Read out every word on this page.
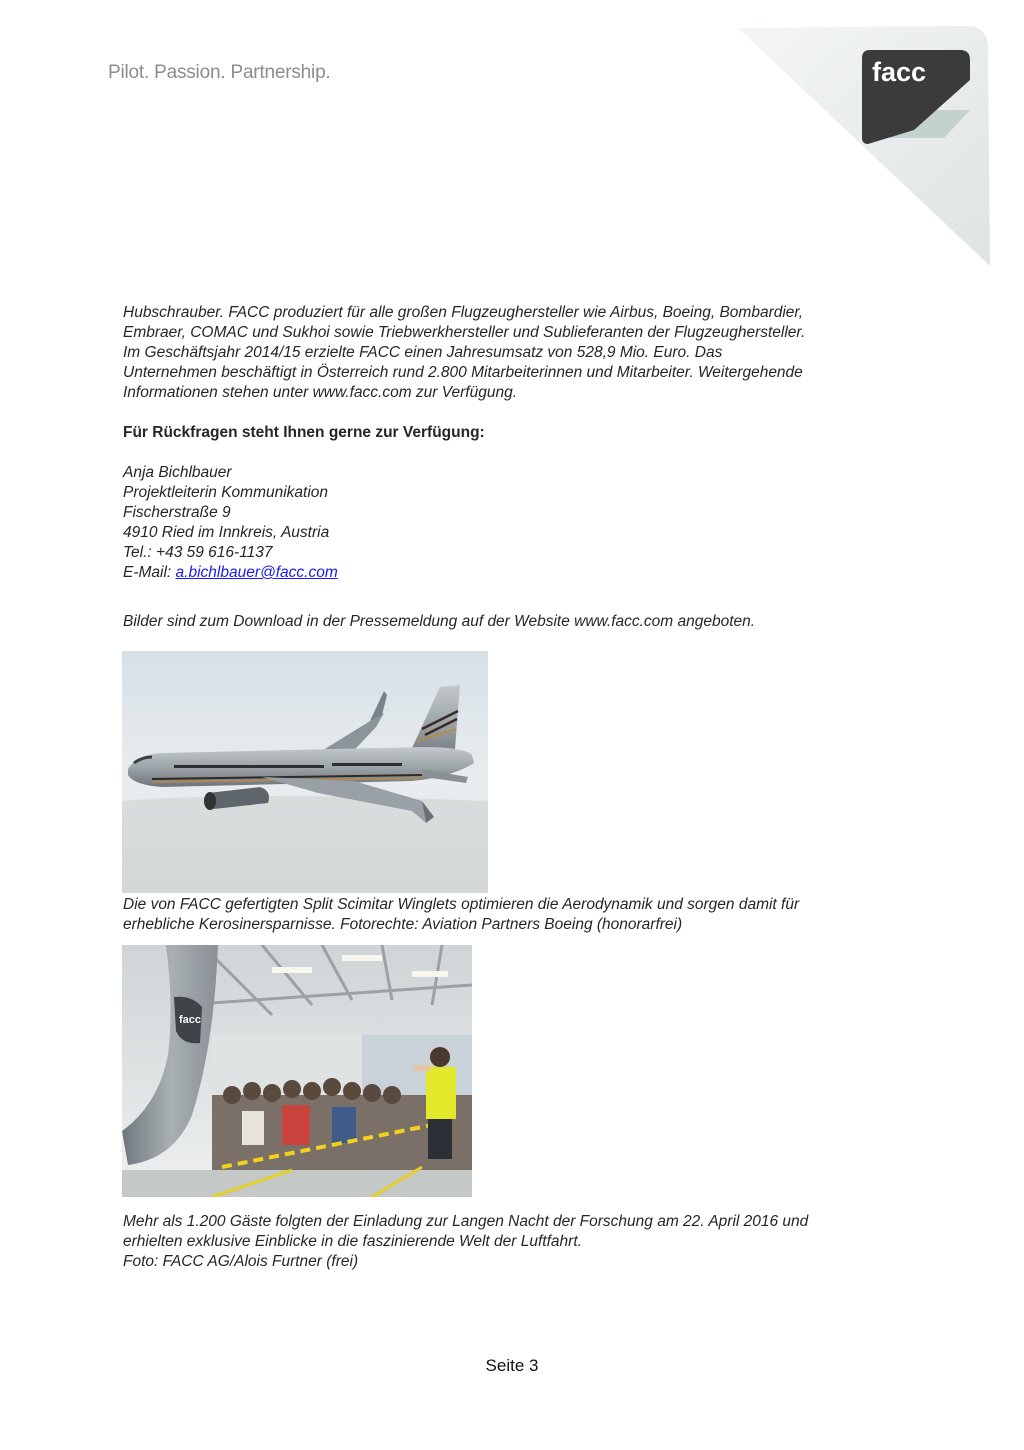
Pilot. Passion. Partnership.	facc
Hubschrauber. FACC produziert für alle großen Flugzeughersteller wie Airbus, Boeing, Bombardier,
Embraer, COMAC und Sukhoi sowie Triebwerkhersteller und Sublieferanten der Flugzeughersteller.
Im Geschäftsjahr 2014/15 erzielte FACC einen Jahresumsatz von 528,9 Mio. Euro. Das
Unternehmen beschäftigt in Österreich rund 2.800 Mitarbeiterinnen und Mitarbeiter. Weitergehende
Informationen stehen unter www.facc.com zur Verfügung.
Für Rückfragen steht Ihnen gerne zur Verfügung:
Anja Bichlbauer
Projektleiterin Kommunikation
Fischerstraße 9
4910 Ried im Innkreis, Austria
Tel.: +43 59 616-1137
E-Mail: a.bichlbauer@facc.com
Bilder sind zum Download in der Pressemeldung auf der Website www.facc.com angeboten.
Die von FACC gefertigten Split Scimitar Winglets optimieren die Aerodynamik und sorgen damit für
erhebliche Kerosinersparnisse. Fotorechte: Aviation Partners Boeing (honorarfrei)
facc
Mehr als 1.200 Gäste folgten der Einladung zur Langen Nacht der Forschung am 22. April 2016 und
erhielten exklusive Einblicke in die faszinierende Welt der Luftfahrt.
Foto: FACC AG/Alois Furtner (frei)
Seite 3
